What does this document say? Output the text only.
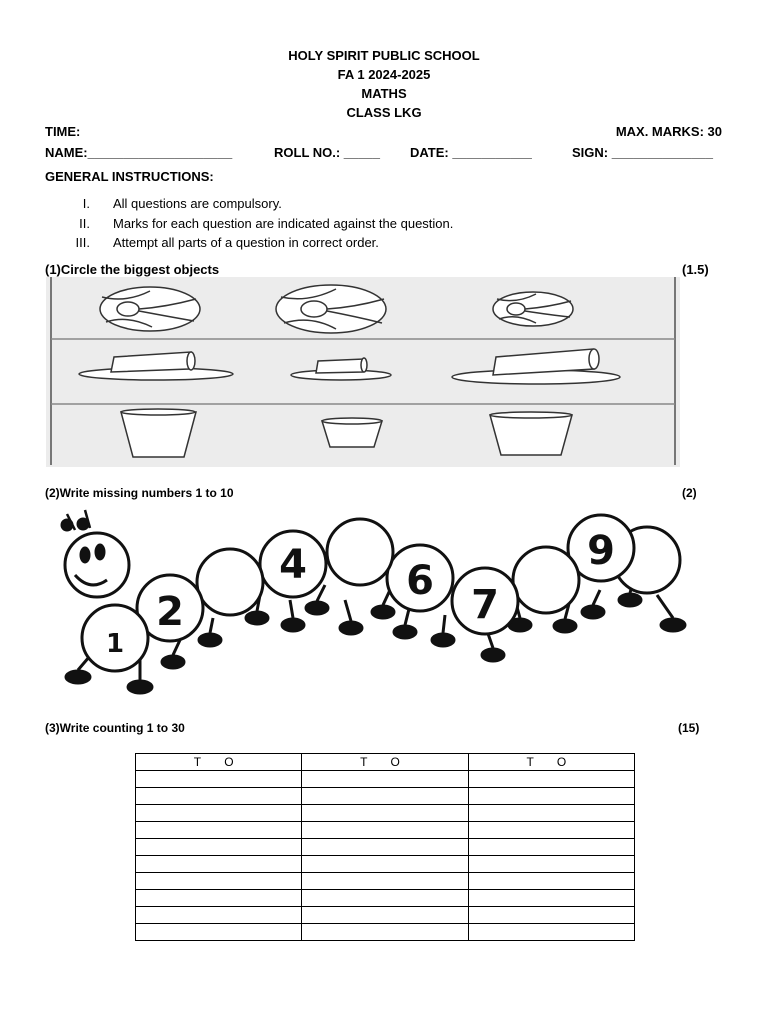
HOLY SPIRIT PUBLIC SCHOOL
FA 1 2024-2025
MATHS
CLASS LKG
TIME:	MAX. MARKS: 30
NAME:____________________	ROLL NO.: _____ DATE: ___________	SIGN: ______________
GENERAL INSTRUCTIONS:
I. All questions are compulsory.
II. Marks for each question are indicated against the question.
III. Attempt all parts of a question in correct order.
(1)Circle the biggest objects	(1.5)
(2)Write missing numbers 1 to 10	(2)
1
2
4 6
7
9
(3)Write counting 1 to 30	(15)
T O	T O	T O
